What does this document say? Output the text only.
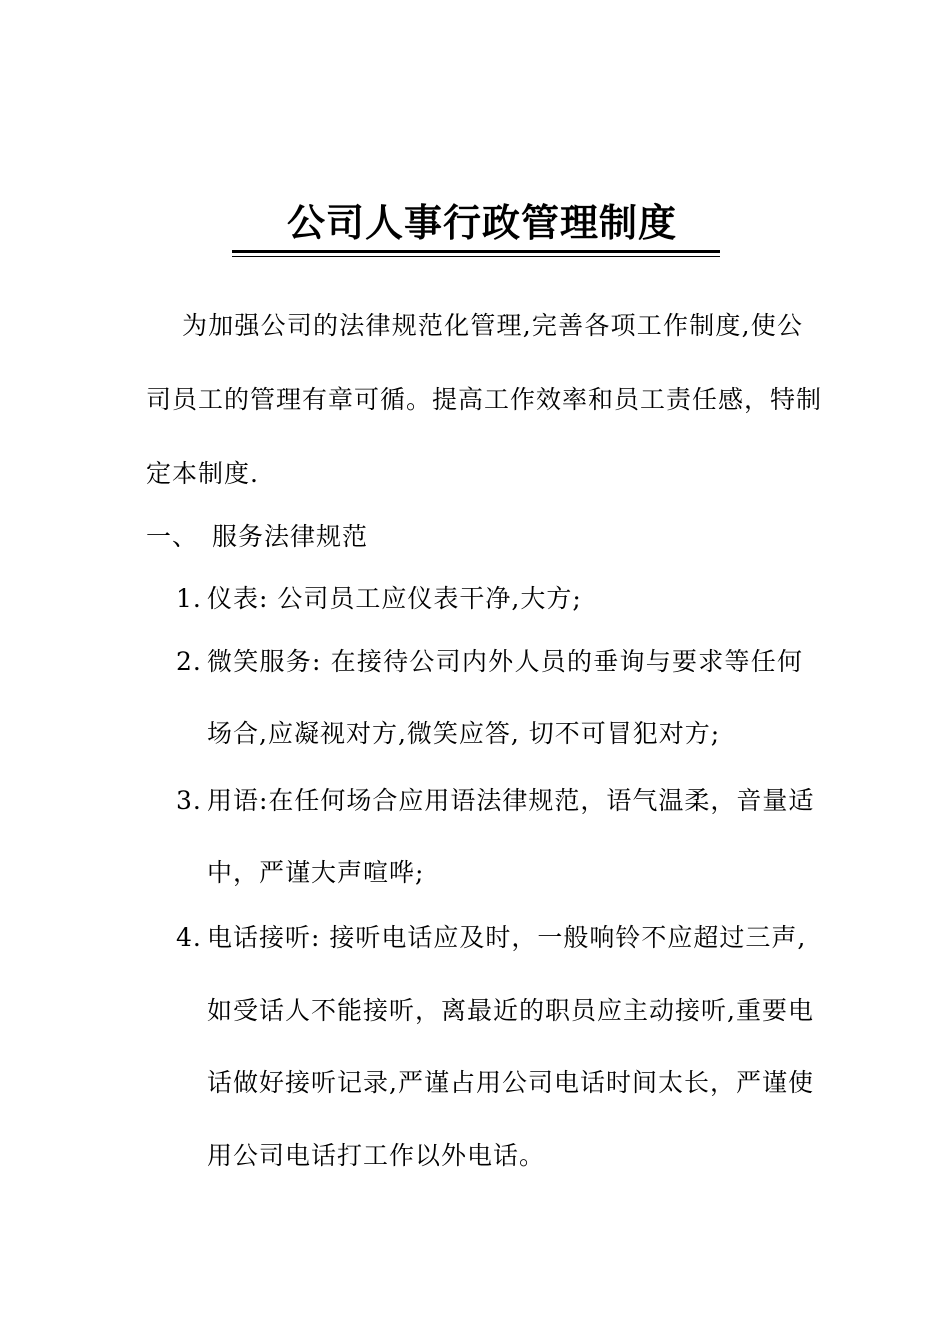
公司人事行政管理制度
为加强公司的法律规范化管理,完善各项工作制度,使公
司员工的管理有章可循。提高工作效率和员工责任感，特制
定本制度.
一、 服务法律规范
1. 仪表: 公司员工应仪表干净,大方;
2. 微笑服务: 在接待公司内外人员的垂询与要求等任何
场合,应凝视对方,微笑应答, 切不可冒犯对方;
3. 用语:在任何场合应用语法律规范，语气温柔，音量适
中，严谨大声喧哗;
4. 电话接听: 接听电话应及时，一般响铃不应超过三声,
如受话人不能接听，离最近的职员应主动接听,重要电
话做好接听记录,严谨占用公司电话时间太长，严谨使
用公司电话打工作以外电话。
